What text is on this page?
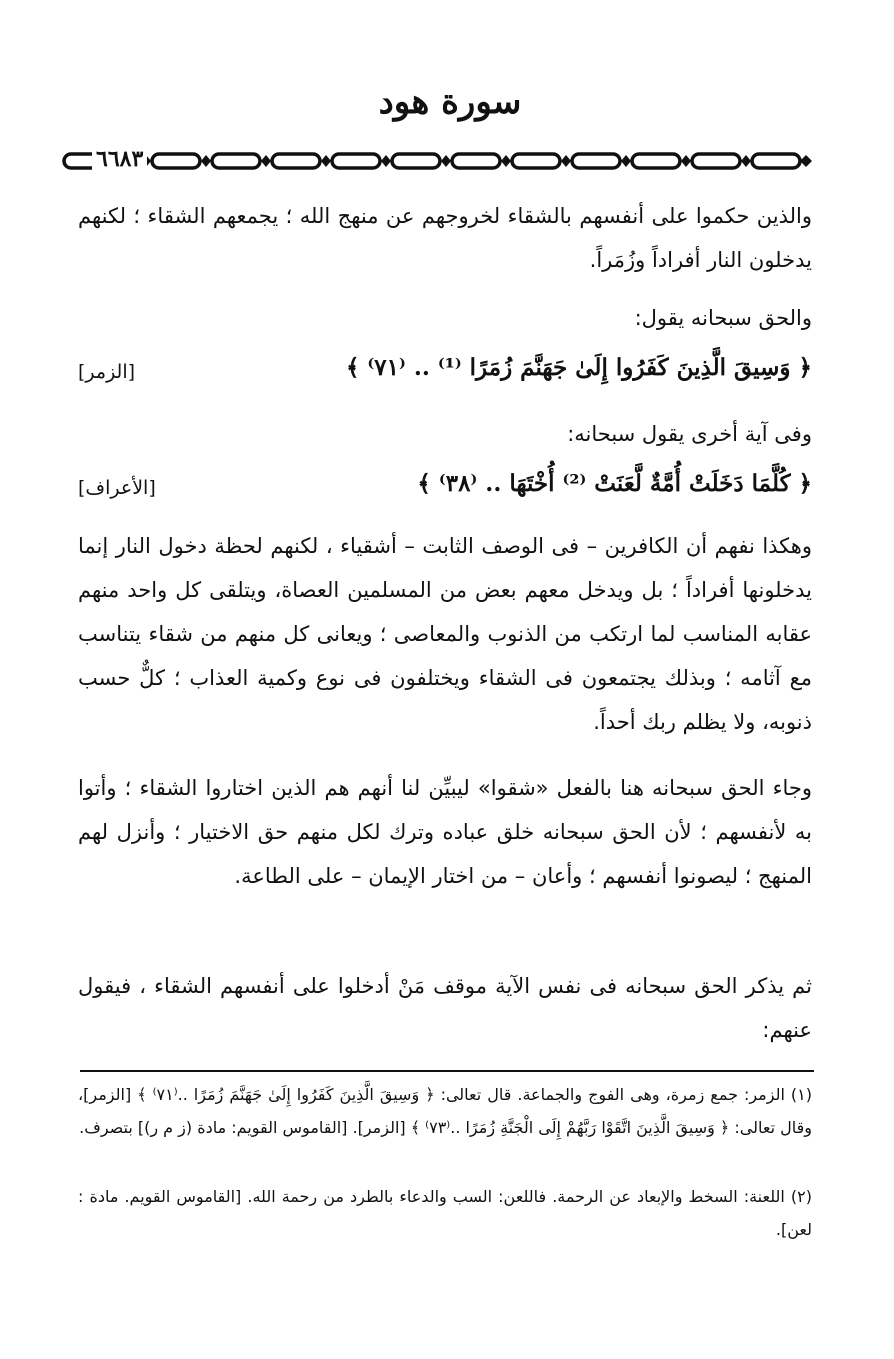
سورة هود
٦٦٨٣

والذين حكموا على أنفسهم بالشقاء لخروجهم عن منهج الله ؛ يجمعهم الشقاء ؛ لكنهم يدخلون النار أفراداً وزُمَراً.

والحق سبحانه يقول:
﴿ وَسِيقَ الَّذِينَ كَفَرُوا إِلَىٰ جَهَنَّمَ زُمَرًا ⁽¹⁾ .. ⁽٧١⁾ ﴾
[الزمر]
وفى آية أخرى يقول سبحانه:
﴿ كُلَّمَا دَخَلَتْ أُمَّةٌ لَّعَنَتْ ⁽²⁾ أُخْتَهَا .. ⁽٣٨⁾ ﴾
[الأعراف]

وهكذا نفهم أن الكافرين – فى الوصف الثابت – أشقياء ، لكنهم لحظة دخول النار إنما يدخلونها أفراداً ؛ بل ويدخل معهم بعض من المسلمين العصاة، ويتلقى كل واحد منهم عقابه المناسب لما ارتكب من الذنوب والمعاصى ؛ ويعانى كل منهم من شقاء يتناسب مع آثامه ؛ وبذلك يجتمعون فى الشقاء ويختلفون فى نوع وكمية العذاب ؛ كلٌّ حسب ذنوبه، ولا يظلم ربك أحداً.

وجاء الحق سبحانه هنا بالفعل «شقوا» ليبيِّن لنا أنهم هم الذين اختاروا الشقاء ؛ وأتوا به لأنفسهم ؛ لأن الحق سبحانه خلق عباده وترك لكل منهم حق الاختيار ؛ وأنزل لهم المنهج ؛ ليصونوا أنفسهم ؛ وأعان – من اختار الإيمان – على الطاعة.

ثم يذكر الحق سبحانه فى نفس الآية موقف مَنْ أدخلوا على أنفسهم الشقاء ، فيقول عنهم:

(١) الزمر: جمع زمرة، وهى الفوج والجماعة. قال تعالى: ﴿ وَسِيقَ الَّذِينَ كَفَرُوا إِلَىٰ جَهَنَّمَ زُمَرًا ..⁽٧١⁾ ﴾ [الزمر]، وقال تعالى: ﴿ وَسِيقَ الَّذِينَ اتَّقَوْا رَبَّهُمْ إِلَى الْجَنَّةِ زُمَرًا ..⁽٧٣⁾ ﴾ [الزمر]. [القاموس القويم: مادة (ز م ر)] بتصرف.

(٢) اللعنة: السخط والإبعاد عن الرحمة. فاللعن: السب والدعاء بالطرد من رحمة الله. [القاموس القويم. مادة : لعن].
